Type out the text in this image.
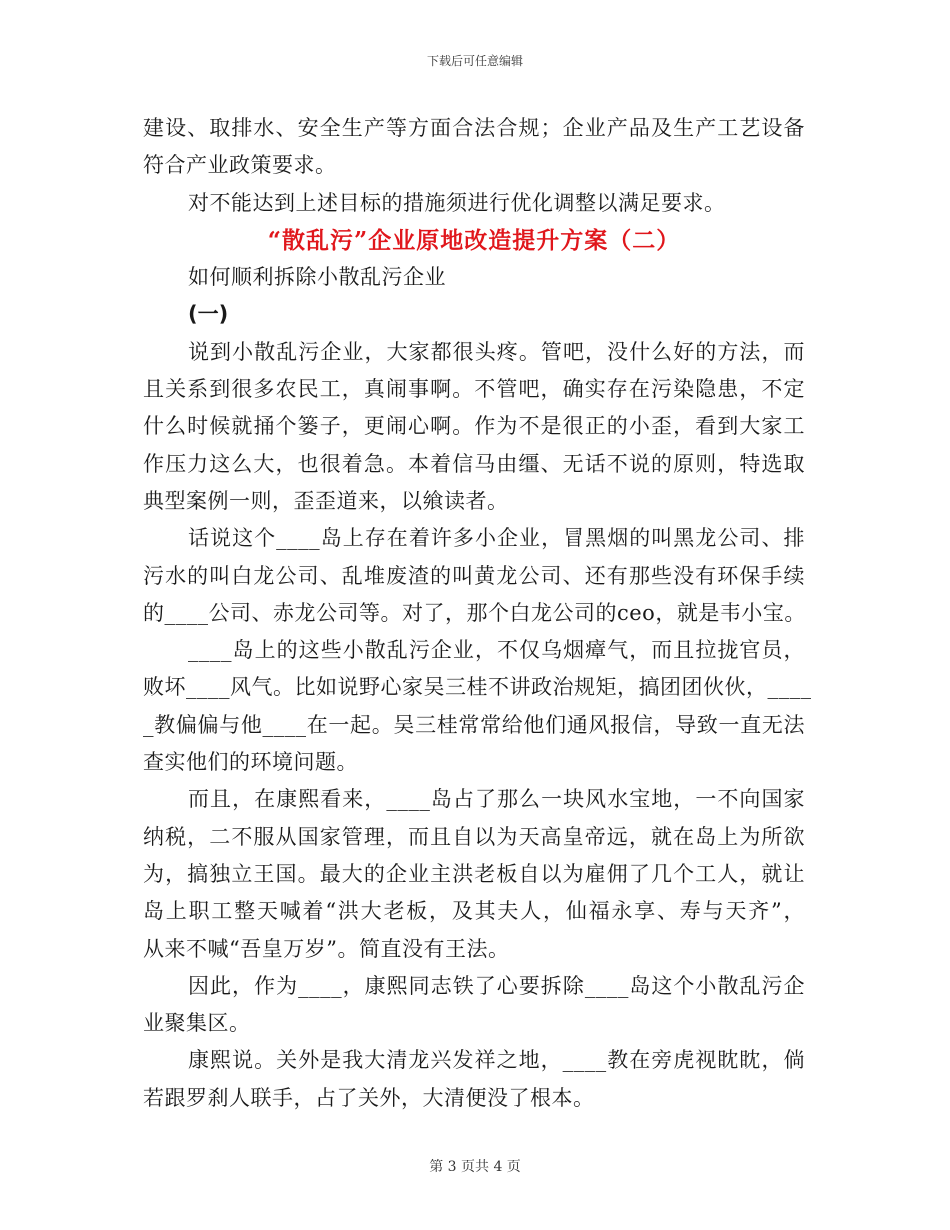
下载后可任意编辑
建设、取排水、安全生产等方面合法合规；企业产品及生产工艺设备
符合产业政策要求。
对不能达到上述目标的措施须进行优化调整以满足要求。
“散乱污”企业原地改造提升方案（二）
如何顺利拆除小散乱污企业
(一)
说到小散乱污企业，大家都很头疼。管吧，没什么好的方法，而
且关系到很多农民工，真闹事啊。不管吧，确实存在污染隐患，不定
什么时候就捅个篓子，更闹心啊。作为不是很正的小歪，看到大家工
作压力这么大，也很着急。本着信马由缰、无话不说的原则，特选取
典型案例一则，歪歪道来，以飨读者。
话说这个____岛上存在着许多小企业，冒黑烟的叫黑龙公司、排
污水的叫白龙公司、乱堆废渣的叫黄龙公司、还有那些没有环保手续
的____公司、赤龙公司等。对了，那个白龙公司的ceo，就是韦小宝。
____岛上的这些小散乱污企业，不仅乌烟瘴气，而且拉拢官员，
败坏____风气。比如说野心家吴三桂不讲政治规矩，搞团团伙伙，____
_教偏偏与他____在一起。吴三桂常常给他们通风报信，导致一直无法
查实他们的环境问题。
而且，在康熙看来，____岛占了那么一块风水宝地，一不向国家
纳税，二不服从国家管理，而且自以为天高皇帝远，就在岛上为所欲
为，搞独立王国。最大的企业主洪老板自以为雇佣了几个工人，就让
岛上职工整天喊着“洪大老板，及其夫人，仙福永享、寿与天齐”，
从来不喊“吾皇万岁”。简直没有王法。
因此，作为____，康熙同志铁了心要拆除____岛这个小散乱污企
业聚集区。
康熙说。关外是我大清龙兴发祥之地，____教在旁虎视眈眈，倘
若跟罗刹人联手，占了关外，大清便没了根本。
第 3 页共 4 页
